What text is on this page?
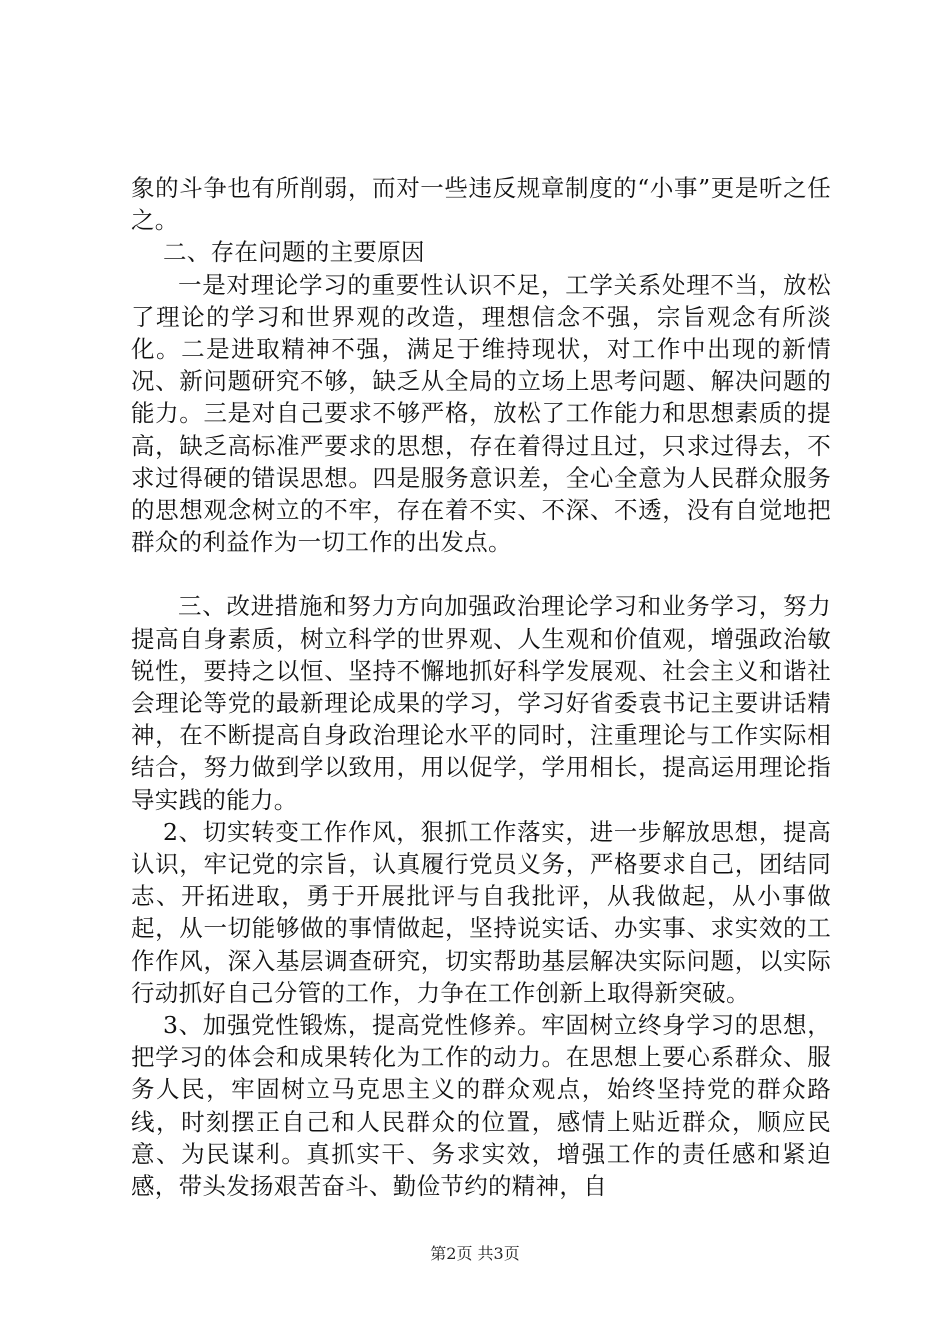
象的斗争也有所削弱，而对一些违反规章制度的“小事”更是听之任之。

二、存在问题的主要原因

一是对理论学习的重要性认识不足，工学关系处理不当，放松了理论的学习和世界观的改造，理想信念不强，宗旨观念有所淡化。二是进取精神不强，满足于维持现状，对工作中出现的新情况、新问题研究不够，缺乏从全局的立场上思考问题、解决问题的能力。三是对自己要求不够严格，放松了工作能力和思想素质的提高，缺乏高标准严要求的思想，存在着得过且过，只求过得去，不求过得硬的错误思想。四是服务意识差，全心全意为人民群众服务的思想观念树立的不牢，存在着不实、不深、不透，没有自觉地把群众的利益作为一切工作的出发点。

三、改进措施和努力方向加强政治理论学习和业务学习，努力提高自身素质，树立科学的世界观、人生观和价值观，增强政治敏锐性，要持之以恒、坚持不懈地抓好科学发展观、社会主义和谐社会理论等党的最新理论成果的学习，学习好省委袁书记主要讲话精神，在不断提高自身政治理论水平的同时，注重理论与工作实际相结合，努力做到学以致用，用以促学，学用相长，提高运用理论指导实践的能力。

2、切实转变工作作风，狠抓工作落实，进一步解放思想，提高认识，牢记党的宗旨，认真履行党员义务，严格要求自己，团结同志、开拓进取，勇于开展批评与自我批评，从我做起，从小事做起，从一切能够做的事情做起，坚持说实话、办实事、求实效的工作作风，深入基层调查研究，切实帮助基层解决实际问题，以实际行动抓好自己分管的工作，力争在工作创新上取得新突破。

3、加强党性锻炼，提高党性修养。牢固树立终身学习的思想，把学习的体会和成果转化为工作的动力。在思想上要心系群众、服务人民，牢固树立马克思主义的群众观点，始终坚持党的群众路线，时刻摆正自己和人民群众的位置，感情上贴近群众，顺应民意、为民谋利。真抓实干、务求实效，增强工作的责任感和紧迫感，带头发扬艰苦奋斗、勤俭节约的精神，自

第2页 共3页
